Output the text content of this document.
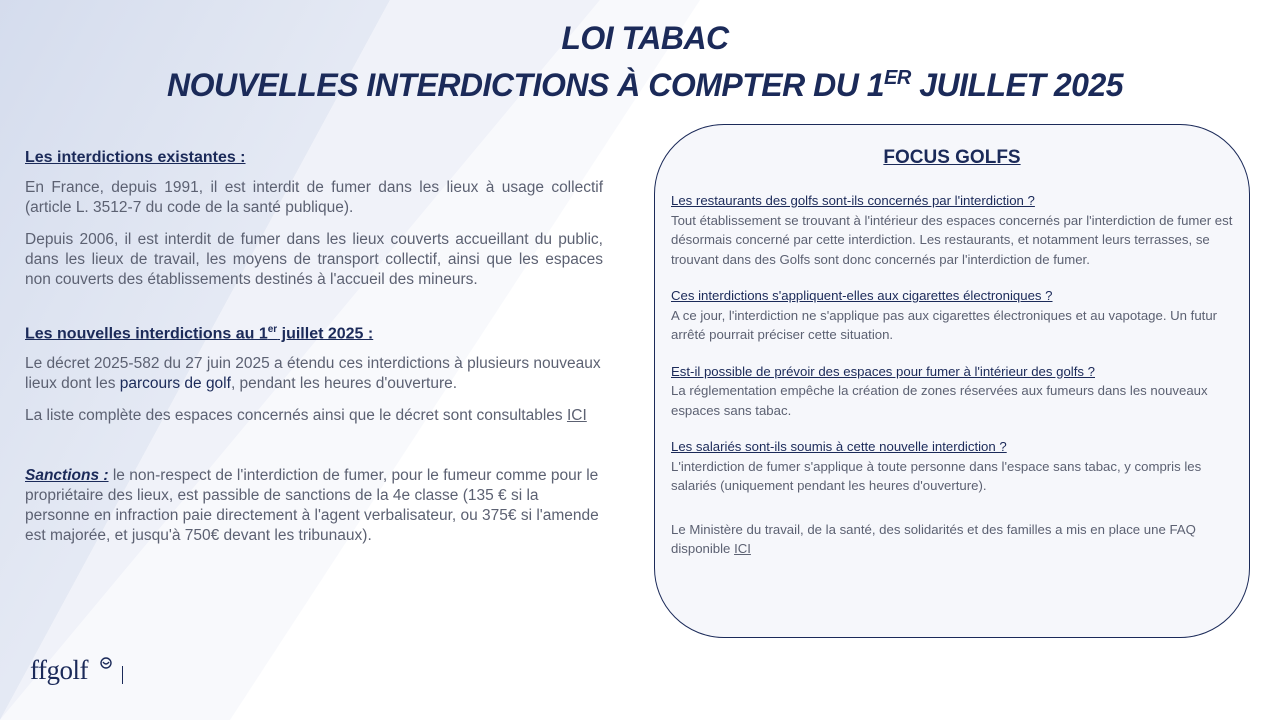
LOI TABAC
NOUVELLES INTERDICTIONS À COMPTER DU 1ER JUILLET 2025
Les interdictions existantes :

En France, depuis 1991, il est interdit de fumer dans les lieux à usage collectif (article L. 3512-7 du code de la santé publique).

Depuis 2006, il est interdit de fumer dans les lieux couverts accueillant du public, dans les lieux de travail, les moyens de transport collectif, ainsi que les espaces non couverts des établissements destinés à l'accueil des mineurs.

Les nouvelles interdictions au 1er juillet 2025 :

Le décret 2025-582 du 27 juin 2025 a étendu ces interdictions à plusieurs nouveaux lieux dont les parcours de golf, pendant les heures d'ouverture.

La liste complète des espaces concernés ainsi que le décret sont consultables ICI

Sanctions : le non-respect de l'interdiction de fumer, pour le fumeur comme pour le propriétaire des lieux, est passible de sanctions de la 4e classe (135 € si la personne en infraction paie directement à l'agent verbalisateur, ou 375€ si l'amende est majorée, et jusqu'à 750€ devant les tribunaux).

FOCUS GOLFS
Les restaurants des golfs sont-ils concernés par l'interdiction ?
Tout établissement se trouvant à l'intérieur des espaces concernés par l'interdiction de fumer est désormais concerné par cette interdiction. Les restaurants, et notamment leurs terrasses, se trouvant dans des Golfs sont donc concernés par l'interdiction de fumer.
Ces interdictions s'appliquent-elles aux cigarettes électroniques ?
A ce jour, l'interdiction ne s'applique pas aux cigarettes électroniques et au vapotage. Un futur arrêté pourrait préciser cette situation.
Est-il possible de prévoir des espaces pour fumer à l'intérieur des golfs ?
La réglementation empêche la création de zones réservées aux fumeurs dans les nouveaux espaces sans tabac.
Les salariés sont-ils soumis à cette nouvelle interdiction ?
L'interdiction de fumer s'applique à toute personne dans l'espace sans tabac, y compris les salariés (uniquement pendant les heures d'ouverture).
Le Ministère du travail, de la santé, des solidarités et des familles a mis en place une FAQ disponible ICI
ffgolf
